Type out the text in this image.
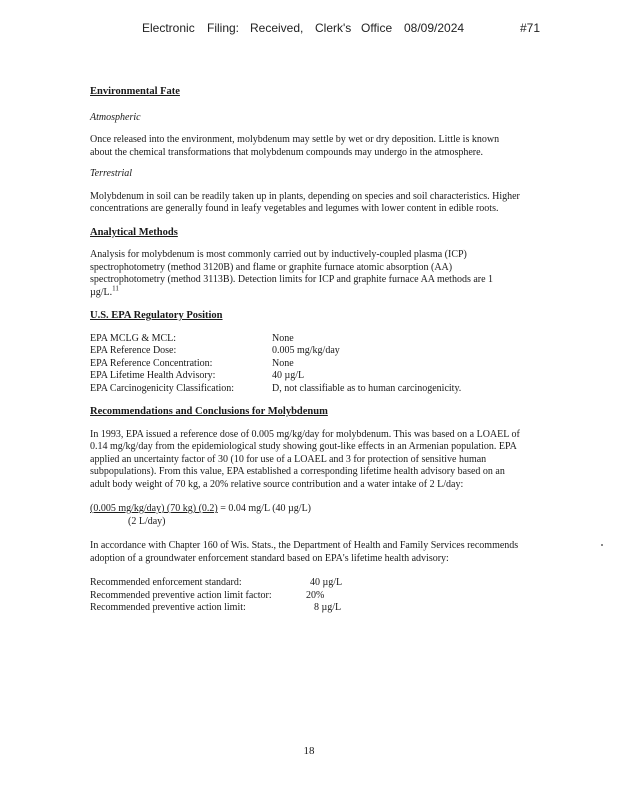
Electronic Filing: Received, Clerk's Office 08/09/2024	#71

Environmental Fate

Atmospheric

Once released into the environment, molybdenum may settle by wet or dry deposition. Little is known about the chemical transformations that molybdenum compounds may undergo in the atmosphere.

Terrestrial

Molybdenum in soil can be readily taken up in plants, depending on species and soil characteristics. Higher concentrations are generally found in leafy vegetables and legumes with lower content in edible roots.

Analytical Methods

Analysis for molybdenum is most commonly carried out by inductively-coupled plasma (ICP) spectrophotometry (method 3120B) and flame or graphite furnace atomic absorption (AA) spectrophotometry (method 3113B). Detection limits for ICP and graphite furnace AA methods are 1 µg/L.$^{11}$

U.S. EPA Regulatory Position

EPA MCLG & MCL:	None
EPA Reference Dose:	0.005 mg/kg/day
EPA Reference Concentration:	None
EPA Lifetime Health Advisory:	40 µg/L
EPA Carcinogenicity Classification:	D, not classifiable as to human carcinogenicity.

Recommendations and Conclusions for Molybdenum

In 1993, EPA issued a reference dose of 0.005 mg/kg/day for molybdenum. This was based on a LOAEL of 0.14 mg/kg/day from the epidemiological study showing gout-like effects in an Armenian population. EPA applied an uncertainty factor of 30 (10 for use of a LOAEL and 3 for protection of sensitive human subpopulations). From this value, EPA established a corresponding lifetime health advisory based on an adult body weight of 70 kg, a 20% relative source contribution and a water intake of 2 L/day:

(0.005 mg/kg/day) (70 kg) (0.2) = 0.04 mg/L (40 µg/L)
(2 L/day)

In accordance with Chapter 160 of Wis. Stats., the Department of Health and Family Services recommends adoption of a groundwater enforcement standard based on EPA's lifetime health advisory:

Recommended enforcement standard:	40 µg/L
Recommended preventive action limit factor:	20%
Recommended preventive action limit:	8 µg/L
18
